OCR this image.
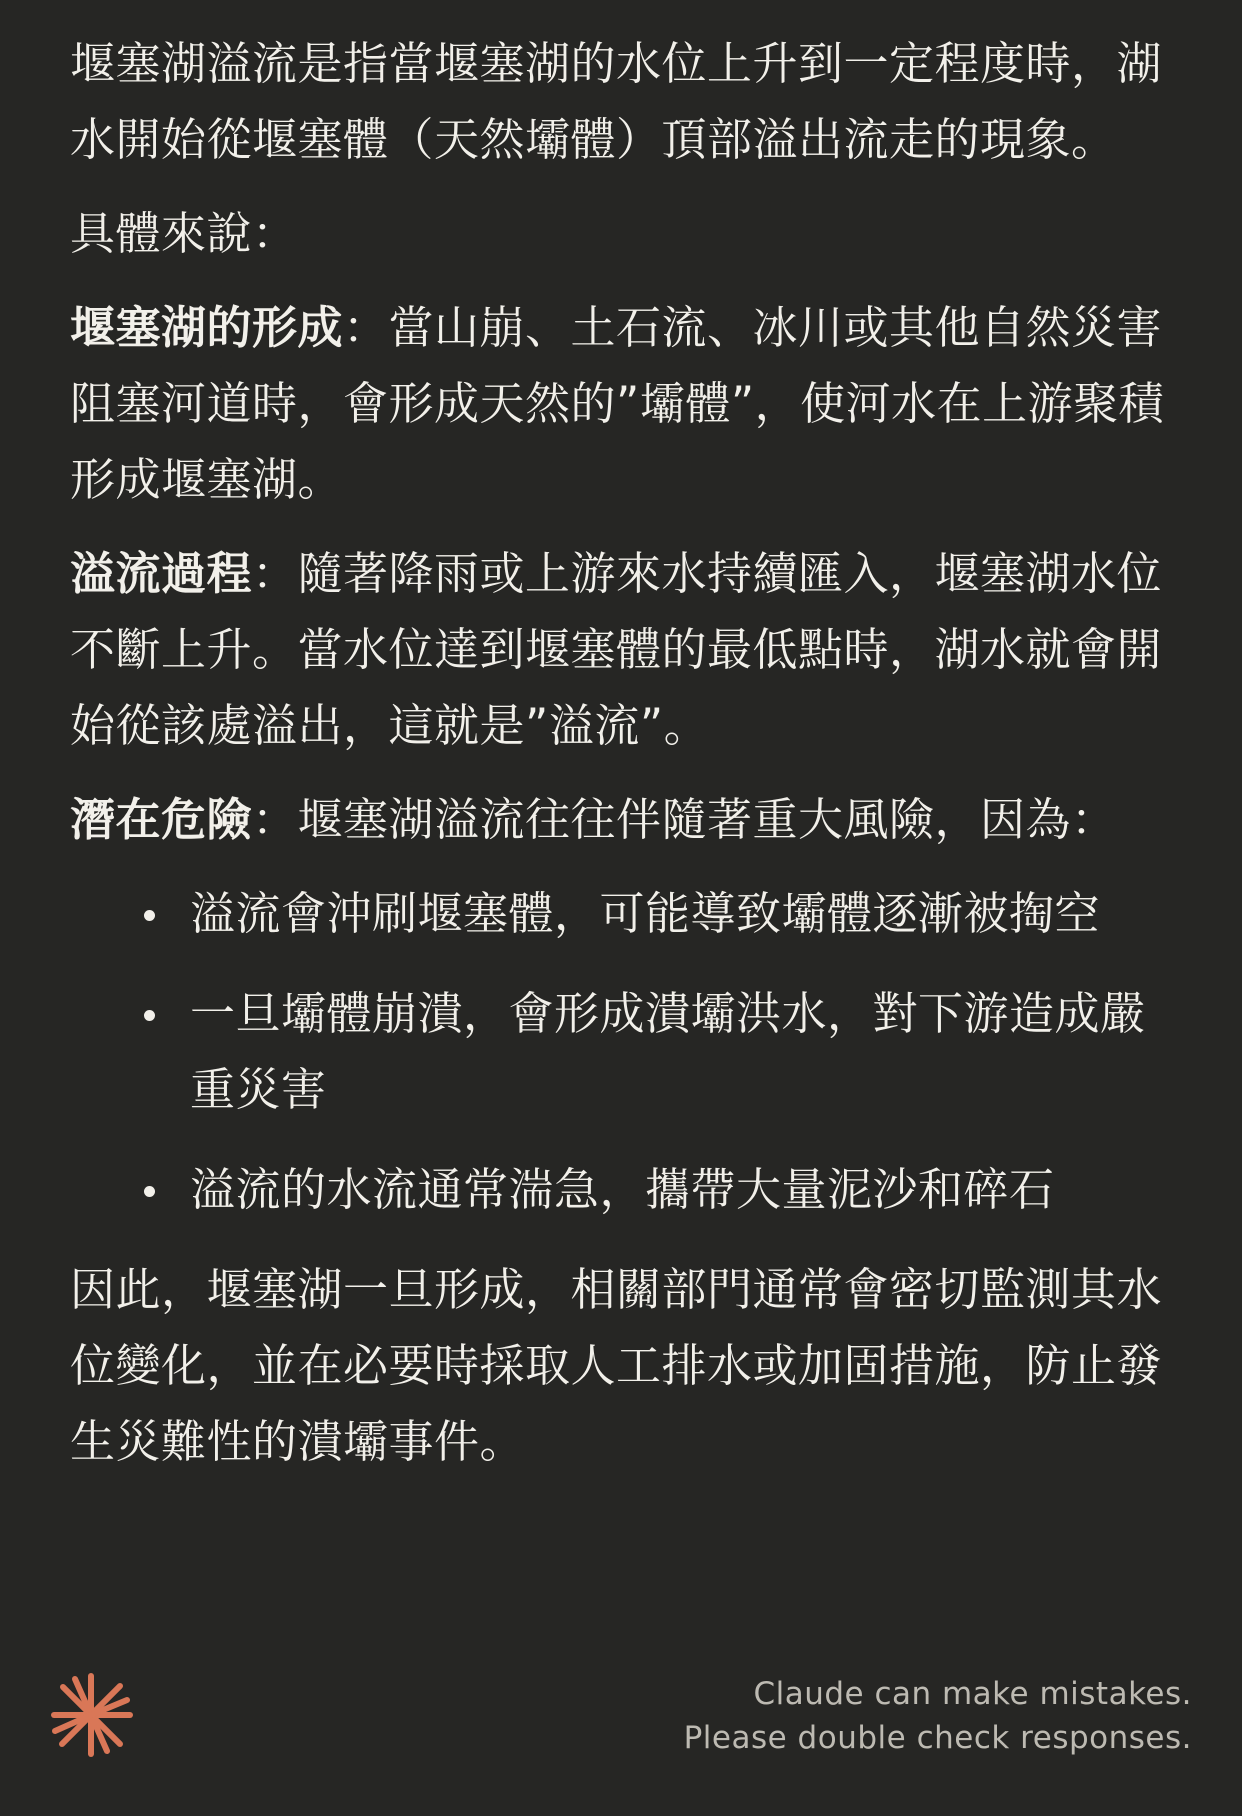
堰塞湖溢流是指當堰塞湖的水位上升到一定程度時，湖水開始從堰塞體（天然壩體）頂部溢出流走的現象。

具體來說：

堰塞湖的形成：當山崩、土石流、冰川或其他自然災害阻塞河道時，會形成天然的”壩體”，使河水在上游聚積形成堰塞湖。

溢流過程：隨著降雨或上游來水持續匯入，堰塞湖水位不斷上升。當水位達到堰塞體的最低點時，湖水就會開始從該處溢出，這就是”溢流”。

潛在危險：堰塞湖溢流往往伴隨著重大風險，因為：

溢流會沖刷堰塞體，可能導致壩體逐漸被掏空
一旦壩體崩潰，會形成潰壩洪水，對下游造成嚴重災害
溢流的水流通常湍急，攜帶大量泥沙和碎石

因此，堰塞湖一旦形成，相關部門通常會密切監測其水位變化，並在必要時採取人工排水或加固措施，防止發生災難性的潰壩事件。

Claude can make mistakes.
Please double check responses.
